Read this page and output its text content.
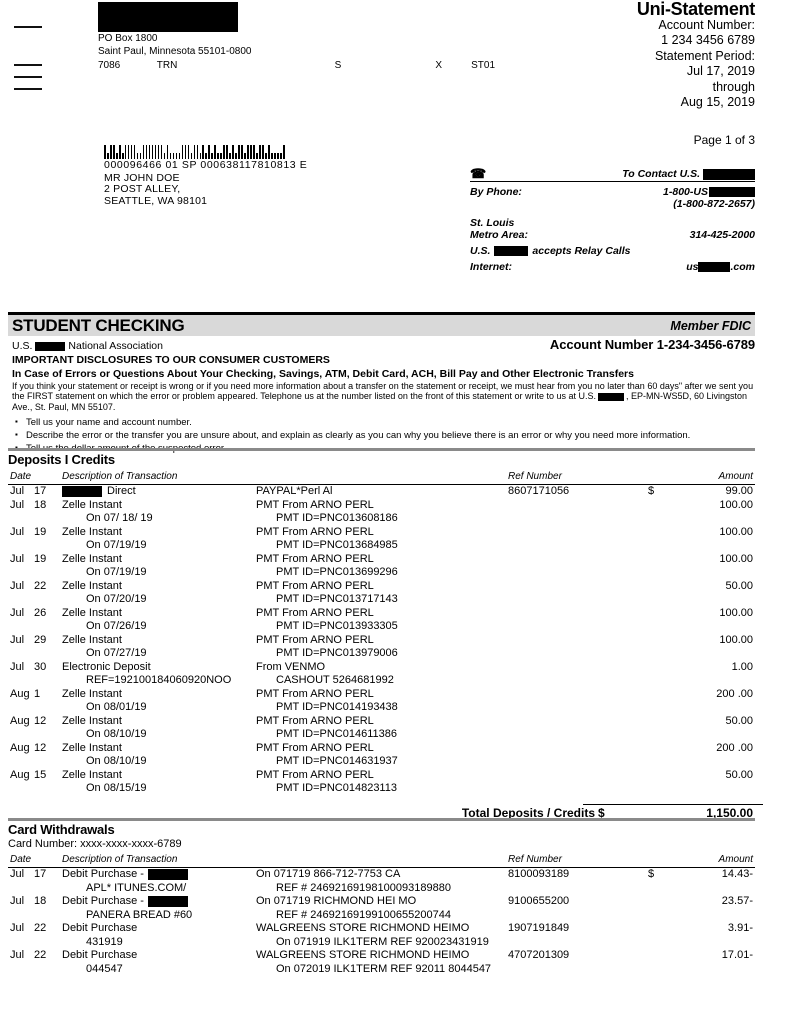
PO Box 1800
Saint Paul, Minnesota 55101-0800
7086	TRN	S	X	ST01
Uni-Statement
Account Number:
1 234 3456 6789
Statement Period:
Jul 17, 2019
through
Aug 15, 2019
Page 1 of 3
000096466 01 SP 000638117810813 E
MR JOHN DOE
2 POST ALLEY,
SEATTLE, WA 98101
☎	To Contact U.S.
By Phone:	1-800-US
(1-800-872-2657)
St. Louis
Metro Area:	314-425-2000
U.S.	accepts Relay Calls
Internet:	us	.com
STUDENT CHECKING	Member FDIC
U.S.	National Association	Account Number 1-234-3456-6789
IMPORTANT DISCLOSURES TO OUR CONSUMER CUSTOMERS
In Case of Errors or Questions About Your Checking, Savings, ATM, Debit Card, ACH, Bill Pay and Other Electronic Transfers
If you think your statement or receipt is wrong or if you need more information about a transfer on the statement or receipt, we must hear from you no later than 60 days" after we sent you the FIRST statement on which the error or problem appeared. Telephone us at the number listed on the front of this statement or write to us at U.S.	, EP-MN-WS5D, 60 Livingston Ave., St. Paul, MN 55107.
▪ Tell us your name and account number.
▪ Describe the error or the transfer you are unsure about, and explain as clearly as you can why you believe there is an error or why you need more information.
▪ Tell us the dollar amount of the suspected error.
Deposits I Credits
Date	Description of Transaction	Ref Number	Amount
Jul 17	Direct	PAYPAL*Perl Al	8607171056	$	99.00
Jul 18 Zelle Instant	PMT From ARNO PERL	100.00
On 07/ 18/ 19	PMT ID=PNC013608186
Jul 19 Zelle Instant	PMT From ARNO PERL	100.00
On 07/19/19	PMT ID=PNC013684985
Jul 19 Zelle Instant	PMT From ARNO PERL	100.00
On 07/19/19	PMT ID=PNC013699296
Jul 22 Zelle Instant	PMT From ARNO PERL	50.00
On 07/20/19	PMT ID=PNC013717143
Jul 26 Zelle Instant	PMT From ARNO PERL	100.00
On 07/26/19	PMT ID=PNC013933305
Jul 29 Zelle Instant	PMT From ARNO PERL	100.00
On 07/27/19	PMT ID=PNC013979006
Jul 30 Electronic Deposit	From VENMO	1.00
REF=192100184060920NOO	CASHOUT 5264681992
Aug 1 Zelle Instant	PMT From ARNO PERL	200 .00
On 08/01/19	PMT ID=PNC014193438
Aug 12 Zelle Instant	PMT From ARNO PERL	50.00
On 08/10/19	PMT ID=PNC014611386
Aug 12 Zelle Instant	PMT From ARNO PERL	200 .00
On 08/10/19	PMT ID=PNC014631937
Aug 15 Zelle Instant	PMT From ARNO PERL	50.00
On 08/15/19	PMT ID=PNC014823113
Total Deposits / Credits $	1,150.00
Card Withdrawals
Card Number: xxxx-xxxx-xxxx-6789
Date	Description of Transaction	Ref Number	Amount
Jul 17 Debit Purchase -	On 071719 866-712-7753 CA	8100093189	$	14.43-
APL* ITUNES.COM/	REF # 24692169198100093189880
Jul 18 Debit Purchase -	On 071719 RICHMOND HEI MO	9100655200	23.57-
PANERA BREAD #60	REF # 24692169199100655200744
Jul 22 Debit Purchase	WALGREENS STORE RICHMOND HEIMO	1907191849	3.91-
431919	On 071919 ILK1TERM REF 920023431919
Jul 22 Debit Purchase	WALGREENS STORE RICHMOND HEIMO	4707201309	17.01-
044547	On 072019 ILK1TERM REF 92011 8044547
